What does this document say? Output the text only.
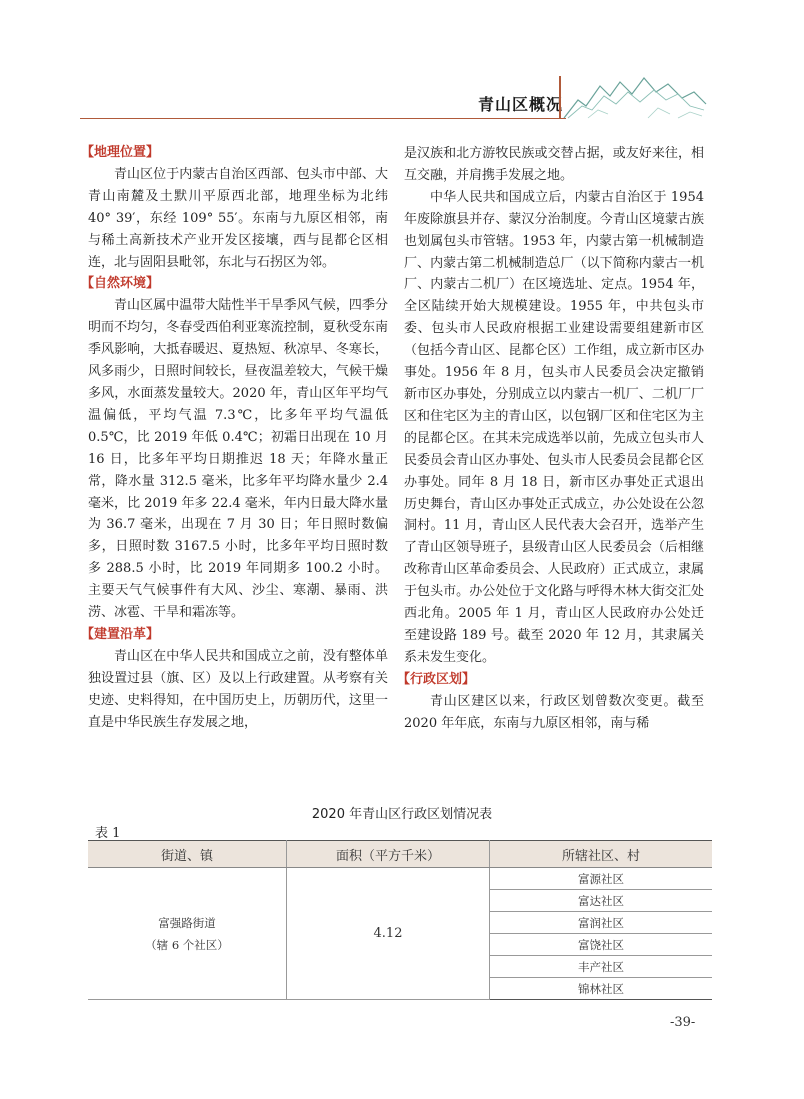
青山区概况

【地理位置】

青山区位于内蒙古自治区西部、包头市中部、大青山南麓及土默川平原西北部，地理坐标为北纬 40° 39′，东经 109° 55′。东南与九原区相邻，南与稀土高新技术产业开发区接壤，西与昆都仑区相连，北与固阳县毗邻，东北与石拐区为邻。

【自然环境】

青山区属中温带大陆性半干旱季风气候，四季分明而不均匀，冬春受西伯利亚寒流控制，夏秋受东南季风影响，大抵春暖迟、夏热短、秋凉早、冬寒长，风多雨少，日照时间较长，昼夜温差较大，气候干燥多风，水面蒸发量较大。2020 年，青山区年平均气温偏低，平均气温 7.3℃，比多年平均气温低 0.5℃，比 2019 年低 0.4℃；初霜日出现在 10 月 16 日，比多年平均日期推迟 18 天；年降水量正常，降水量 312.5 毫米，比多年平均降水量少 2.4 毫米，比 2019 年多 22.4 毫米，年内日最大降水量为 36.7 毫米，出现在 7 月 30 日；年日照时数偏多，日照时数 3167.5 小时，比多年平均日照时数多 288.5 小时，比 2019 年同期多 100.2 小时。主要天气气候事件有大风、沙尘、寒潮、暴雨、洪涝、冰雹、干旱和霜冻等。

【建置沿革】

青山区在中华人民共和国成立之前，没有整体单独设置过县（旗、区）及以上行政建置。从考察有关史迹、史料得知，在中国历史上，历朝历代，这里一直是中华民族生存发展之地，

是汉族和北方游牧民族或交替占据，或友好来往，相互交融，并肩携手发展之地。

中华人民共和国成立后，内蒙古自治区于 1954 年废除旗县并存、蒙汉分治制度。今青山区境蒙古族也划属包头市管辖。1953 年，内蒙古第一机械制造厂、内蒙古第二机械制造总厂（以下简称内蒙古一机厂、内蒙古二机厂）在区境选址、定点。1954 年，全区陆续开始大规模建设。1955 年，中共包头市委、包头市人民政府根据工业建设需要组建新市区（包括今青山区、昆都仑区）工作组，成立新市区办事处。1956 年 8 月，包头市人民委员会决定撤销新市区办事处，分别成立以内蒙古一机厂、二机厂厂区和住宅区为主的青山区，以包钢厂区和住宅区为主的昆都仑区。在其未完成选举以前，先成立包头市人民委员会青山区办事处、包头市人民委员会昆都仑区办事处。同年 8 月 18 日，新市区办事处正式退出历史舞台，青山区办事处正式成立，办公处设在公忽洞村。11 月，青山区人民代表大会召开，选举产生了青山区领导班子，县级青山区人民委员会（后相继改称青山区革命委员会、人民政府）正式成立，隶属于包头市。办公处位于文化路与呼得木林大街交汇处西北角。2005 年 1 月，青山区人民政府办公处迁至建设路 189 号。截至 2020 年 12 月，其隶属关系未发生变化。

【行政区划】

青山区建区以来，行政区划曾数次变更。截至 2020 年年底，东南与九原区相邻，南与稀

2020 年青山区行政区划情况表
表 1
街道、镇	面积（平方千米）	所辖社区、村

富强路街道
（辖 6 个社区）	4.12	富源社区
		富达社区
		富润社区
		富饶社区
		丰产社区
		锦林社区
-39-
